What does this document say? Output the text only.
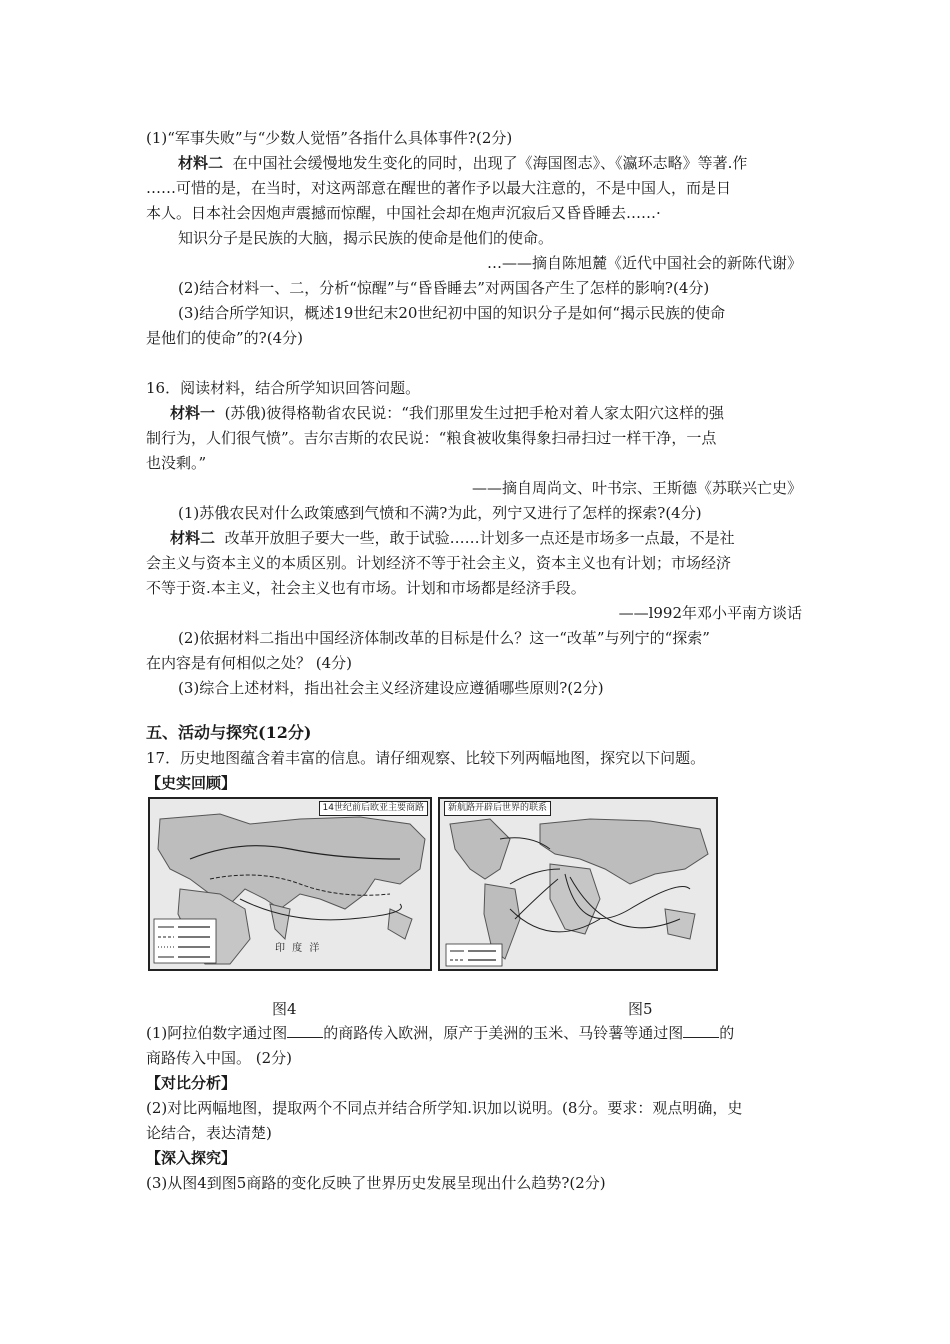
(1)“军事失败”与“少数人觉悟”各指什么具体事件?(2分)
材料二 在中国社会缓慢地发生变化的同时，出现了《海国图志》、《瀛环志略》等著.作
……可惜的是，在当时，对这两部意在醒世的著作予以最大注意的，不是中国人，而是日
本人。日本社会因炮声震撼而惊醒，中国社会却在炮声沉寂后又昏昏睡去……·
知识分子是民族的大脑，揭示民族的使命是他们的使命。
…——摘自陈旭麓《近代中国社会的新陈代谢》
(2)结合材料一、二，分析“惊醒”与“昏昏睡去”对两国各产生了怎样的影响?(4分)
(3)结合所学知识，概述19世纪末20世纪初中国的知识分子是如何“揭示民族的使命
是他们的使命”的?(4分)
16．阅读材料，结合所学知识回答问题。
材料一 (苏俄)彼得格勒省农民说：“我们那里发生过把手枪对着人家太阳穴这样的强
制行为，人们很气愤”。吉尔吉斯的农民说：“粮食被收集得象扫帚扫过一样干净，一点
也没剩。”
——摘自周尚文、叶书宗、王斯德《苏联兴亡史》
(1)苏俄农民对什么政策感到气愤和不满?为此，列宁又进行了怎样的探索?(4分)
材料二 改革开放胆子要大一些，敢于试验……计划多一点还是市场多一点最，不是社
会主义与资本主义的本质区别。计划经济不等于社会主义，资本主义也有计划；市场经济
不等于资.本主义，社会主义也有市场。计划和市场都是经济手段。
——l992年邓小平南方谈话
(2)依据材料二指出中国经济体制改革的目标是什么？这一“改革”与列宁的“探索”
在内容是有何相似之处？ (4分)
(3)综合上述材料，指出社会主义经济建设应遵循哪些原则?(2分)
五、活动与探究(12分)
17．历史地图蕴含着丰富的信息。请仔细观察、比较下列两幅地图，探究以下问题。
【史实回顾】
14世纪前后欧亚主要商路
印 度 洋
新航路开辟后世界的联系
图4	图5
(1)阿拉伯数字通过图 的商路传入欧洲，原产于美洲的玉米、马铃薯等通过图 的
商路传入中国。 (2分)
【对比分析】
(2)对比两幅地图，提取两个不同点并结合所学知.识加以说明。(8分。要求：观点明确，史
论结合，表达清楚)
【深入探究】
(3)从图4到图5商路的变化反映了世界历史发展呈现出什么趋势?(2分)
